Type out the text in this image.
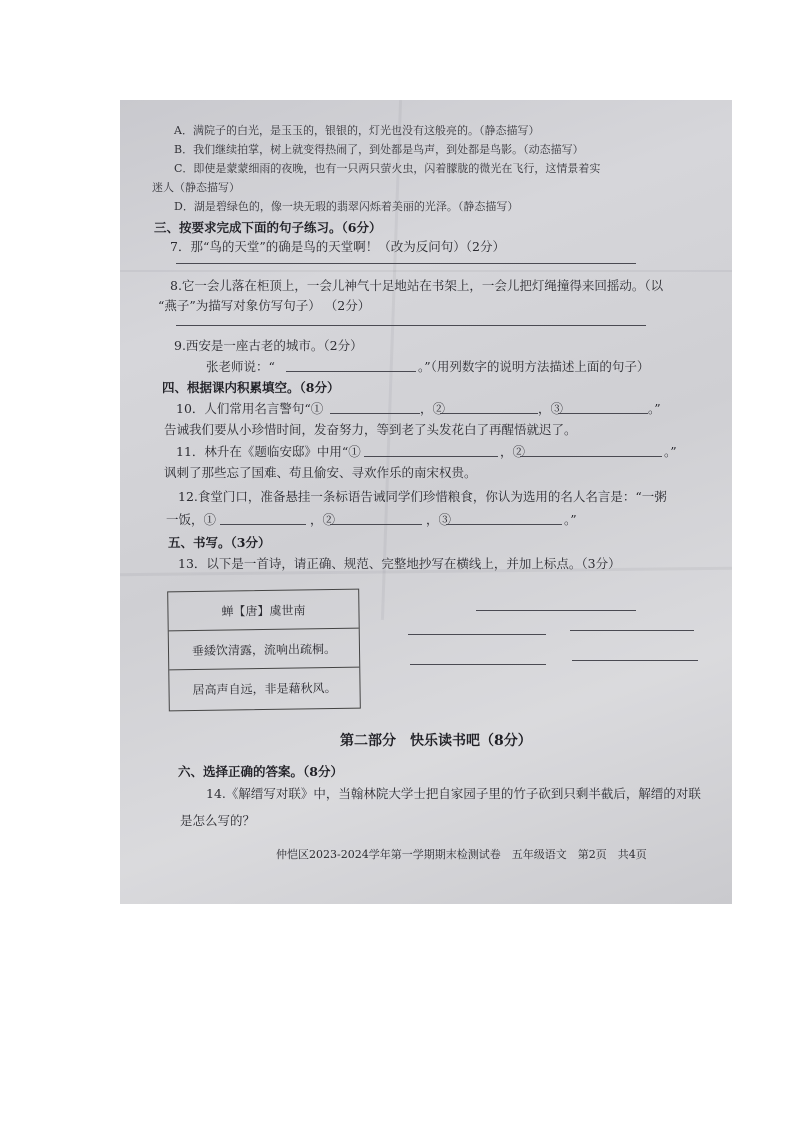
A．满院子的白光，是玉玉的，银银的，灯光也没有这般亮的。（静态描写）
B．我们继续拍掌，树上就变得热闹了，到处都是鸟声，到处都是鸟影。（动态描写）
C．即使是蒙蒙细雨的夜晚，也有一只两只萤火虫，闪着朦胧的微光在飞行，这情景着实
迷人（静态描写）
D．湖是碧绿色的，像一块无瑕的翡翠闪烁着美丽的光泽。（静态描写）
三、按要求完成下面的句子练习。（6分）
7．那“鸟的天堂”的确是鸟的天堂啊！（改为反问句）（2分）
8.它一会儿落在柜顶上，一会儿神气十足地站在书架上，一会儿把灯绳撞得来回摇动。（以
“燕子”为描写对象仿写句子） （2分）
9.西安是一座古老的城市。（2分）
张老师说：“	。”（用列数字的说明方法描述上面的句子）
四、根据课内积累填空。（8分）
10．人们常用名言警句“①	，②	，③	。”
告诫我们要从小珍惜时间，发奋努力，等到老了头发花白了再醒悟就迟了。
11．林升在《题临安邸》中用“①	，②	。”
讽刺了那些忘了国难、苟且偷安、寻欢作乐的南宋权贵。
12.食堂门口，准备悬挂一条标语告诫同学们珍惜粮食，你认为选用的名人名言是：“一粥
一饭，①	，②	，③	。”
五、书写。（3分）
13．以下是一首诗，请正确、规范、完整地抄写在横线上，并加上标点。（3分）
蝉【唐】虞世南
垂緌饮清露，流响出疏桐。
居高声自远，非是藉秋风。
第二部分　快乐读书吧（8分）
六、选择正确的答案。（8分）
14.《解缙写对联》中，当翰林院大学士把自家园子里的竹子砍到只剩半截后，解缙的对联
是怎么写的？
仲恺区2023-2024学年第一学期期末检测试卷　五年级语文　第2页　共4页
